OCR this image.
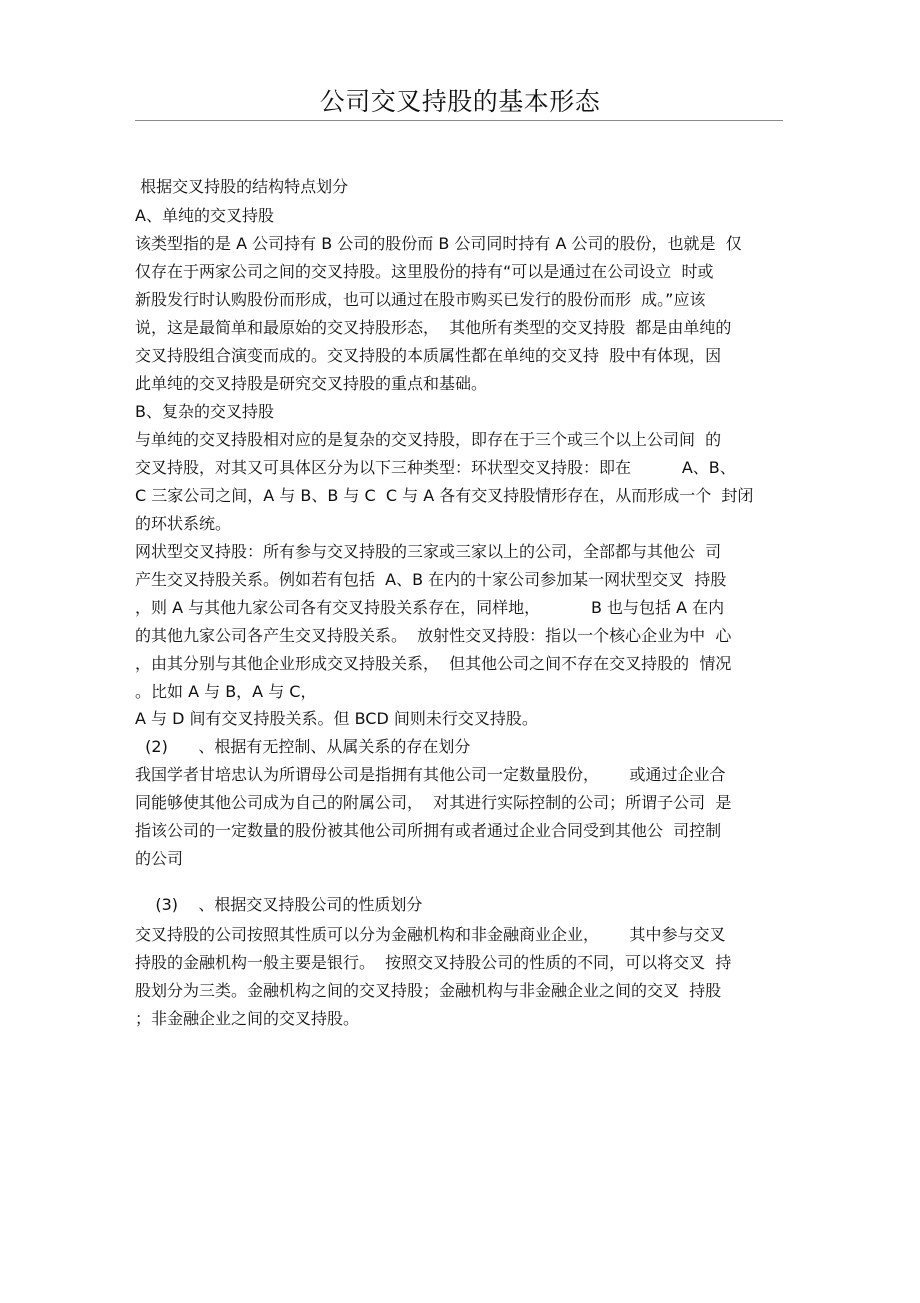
公司交叉持股的基本形态
根据交叉持股的结构特点划分
A、单纯的交叉持股
该类型指的是 A 公司持有 B 公司的股份而 B 公司同时持有 A 公司的股份，也就是  仅
仅存在于两家公司之间的交叉持股。这里股份的持有“可以是通过在公司设立  时或
新股发行时认购股份而形成，也可以通过在股市购买已发行的股份而形  成。”应该
说，这是最简单和最原始的交叉持股形态，  其他所有类型的交叉持股  都是由单纯的
交叉持股组合演变而成的。交叉持股的本质属性都在单纯的交叉持  股中有体现，因
此单纯的交叉持股是研究交叉持股的重点和基础。
B、复杂的交叉持股
与单纯的交叉持股相对应的是复杂的交叉持股，即存在于三个或三个以上公司间  的
交叉持股，对其又可具体区分为以下三种类型：环状型交叉持股：即在          A、B、
C 三家公司之间，A 与 B、B 与 C  C 与 A 各有交叉持股情形存在，从而形成一个  封闭
的环状系统。
网状型交叉持股：所有参与交叉持股的三家或三家以上的公司，全部都与其他公  司
产生交叉持股关系。例如若有包括  A、B 在内的十家公司参加某一网状型交叉  持股
，则 A 与其他九家公司各有交叉持股关系存在，同样地，          B 也与包括 A 在内
的其他九家公司各产生交叉持股关系。  放射性交叉持股：指以一个核心企业为中  心
，由其分别与其他企业形成交叉持股关系，  但其他公司之间不存在交叉持股的  情况
。比如 A 与 B，A 与 C，
A 与 D 间有交叉持股关系。但 BCD 间则未行交叉持股。
(2)      、根据有无控制、从属关系的存在划分
我国学者甘培忠认为所谓母公司是指拥有其他公司一定数量股份，      或通过企业合
同能够使其他公司成为自己的附属公司，  对其进行实际控制的公司；所谓子公司  是
指该公司的一定数量的股份被其他公司所拥有或者通过企业合同受到其他公  司控制
的公司
(3)    、根据交叉持股公司的性质划分
交叉持股的公司按照其性质可以分为金融机构和非金融商业企业，      其中参与交叉
持股的金融机构一般主要是银行。  按照交叉持股公司的性质的不同，可以将交叉  持
股划分为三类。金融机构之间的交叉持股；金融机构与非金融企业之间的交叉  持股
；非金融企业之间的交叉持股。
